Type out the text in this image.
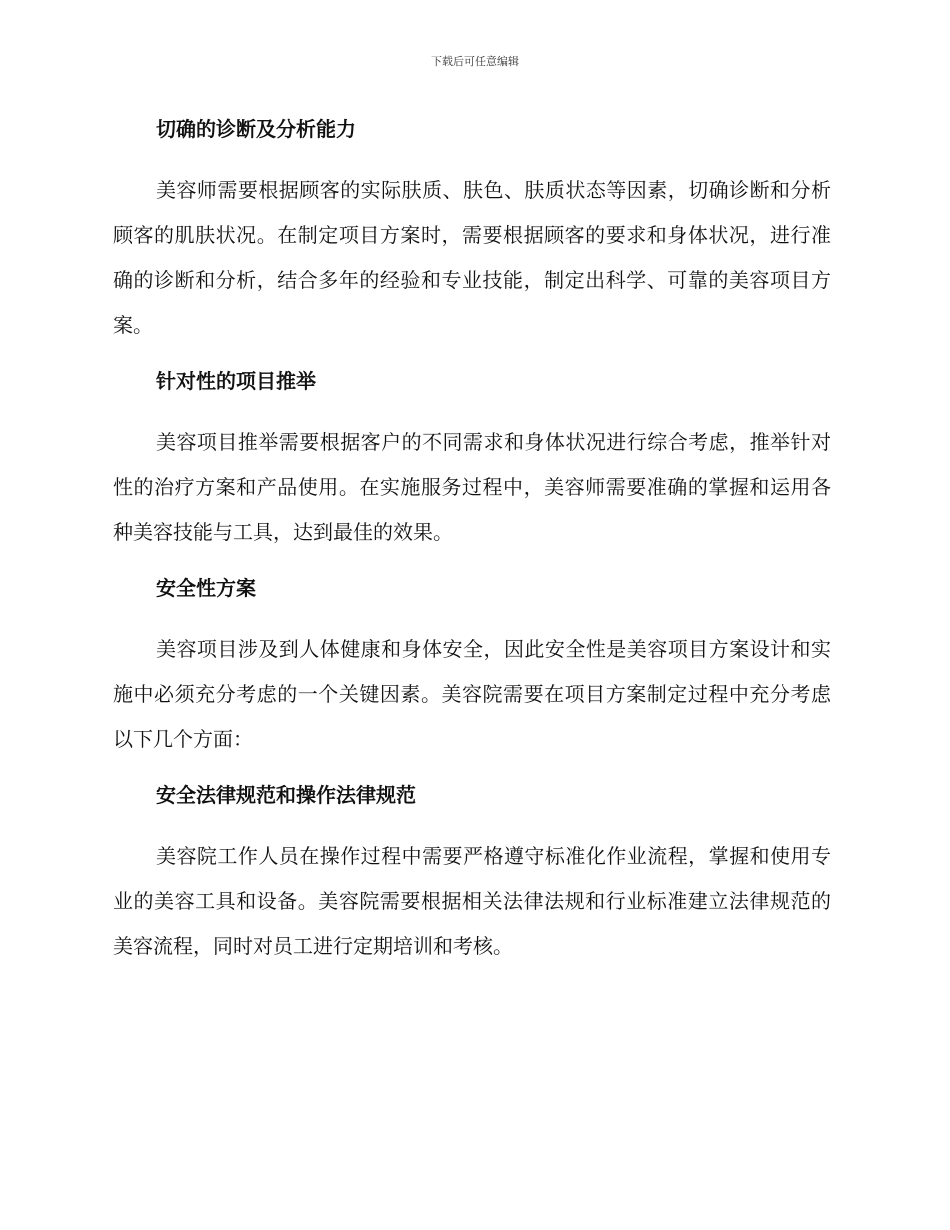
下载后可任意编辑
切确的诊断及分析能力
美容师需要根据顾客的实际肤质、肤色、肤质状态等因素，切确诊断和分析顾客的肌肤状况。在制定项目方案时，需要根据顾客的要求和身体状况，进行准确的诊断和分析，结合多年的经验和专业技能，制定出科学、可靠的美容项目方案。
针对性的项目推举
美容项目推举需要根据客户的不同需求和身体状况进行综合考虑，推举针对性的治疗方案和产品使用。在实施服务过程中，美容师需要准确的掌握和运用各种美容技能与工具，达到最佳的效果。
安全性方案
美容项目涉及到人体健康和身体安全，因此安全性是美容项目方案设计和实施中必须充分考虑的一个关键因素。美容院需要在项目方案制定过程中充分考虑以下几个方面：
安全法律规范和操作法律规范
美容院工作人员在操作过程中需要严格遵守标准化作业流程，掌握和使用专业的美容工具和设备。美容院需要根据相关法律法规和行业标准建立法律规范的美容流程，同时对员工进行定期培训和考核。
